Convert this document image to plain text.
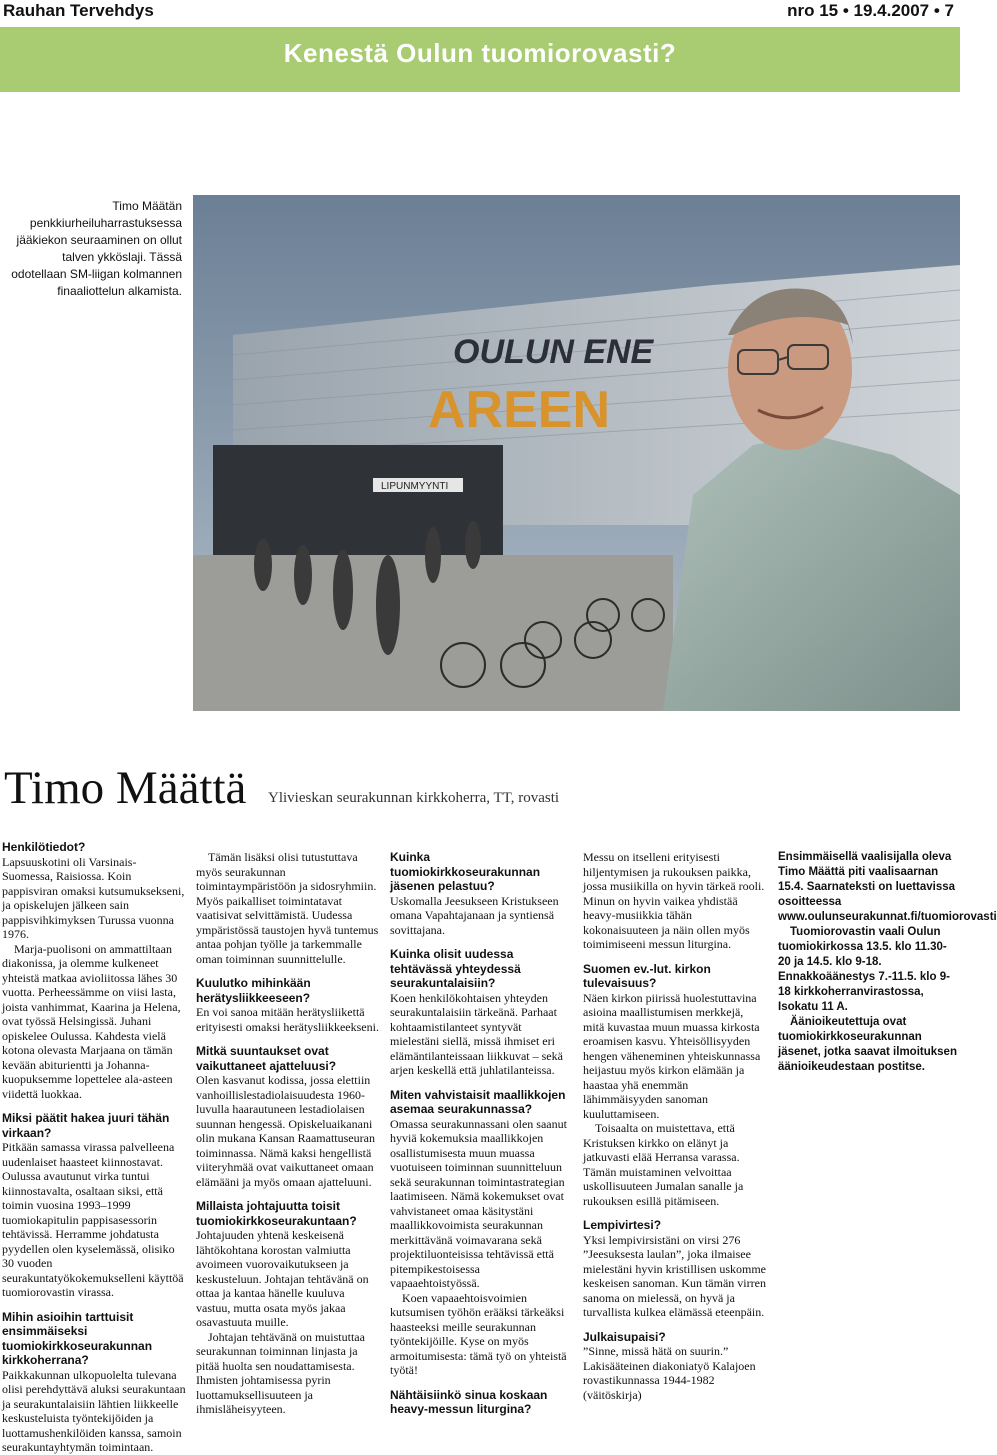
Rauhan Tervehdys	nro 15 • 19.4.2007 • 7
Kenestä Oulun tuomiorovasti?
Timo Määtän penkkiurheiluharrastuksessa jääkiekon seuraaminen on ollut talven ykköslaji. Tässä odotellaan SM-liigan kolmannen finaaliottelun alkamista.
OULUN ENE
AREEN
LIPUNMYYNTI
Timo Määttä Ylivieskan seurakunnan kirkkoherra, TT, rovasti

Henkilötiedot?

Lapsuuskotini oli Varsinais-Suomessa, Raisiossa. Koin pappisviran omaksi kutsumuksekseni, ja opiskelujen jälkeen sain pappisvihkimyksen Turussa vuonna 1976.

Marja-puolisoni on ammattiltaan diakonissa, ja olemme kulkeneet yhteistä matkaa avioliitossa lähes 30 vuotta. Perheessämme on viisi lasta, joista vanhimmat, Kaarina ja Helena, ovat työssä Helsingissä. Juhani opiskelee Oulussa. Kahdesta vielä kotona olevasta Marjaana on tämän kevään abiturientti ja Johanna-kuopuksemme lopettelee ala-asteen viidettä luokkaa.

Miksi päätit hakea juuri tähän virkaan?

Pitkään samassa virassa palvelleena uudenlaiset haasteet kiinnostavat. Oulussa avautunut virka tuntui kiinnostavalta, osaltaan siksi, että toimin vuosina 1993–1999 tuomiokapitulin pappisasessorin tehtävissä. Herramme johdatusta pyydellen olen kyselemässä, olisiko 30 vuoden seurakuntatyökokemukselleni käyttöä tuomiorovastin virassa.

Mihin asioihin tarttuisit ensimmäiseksi tuomiokirkkoseurakunnan kirkkoherrana?

Paikkakunnan ulkopuolelta tulevana olisi perehdyttävä aluksi seurakuntaan ja seurakuntalaisiin lähtien liikkeelle keskusteluista työntekijöiden ja luottamushenkilöiden kanssa, samoin seurakuntayhtymän toimintaan.

Tämän lisäksi olisi tutustuttava myös seurakunnan toimintaympäristöön ja sidosryhmiin. Myös paikalliset toimintatavat vaatisivat selvittämistä. Uudessa ympäristössä taustojen hyvä tuntemus antaa pohjan työlle ja tarkemmalle oman toiminnan suunnittelulle.

Kuulutko mihinkään herätysliikkeeseen?

En voi sanoa mitään herätysliikettä erityisesti omaksi herätysliikkeekseni.

Mitkä suuntaukset ovat vaikuttaneet ajatteluusi?

Olen kasvanut kodissa, jossa elettiin vanhoillislestadiolaisuudesta 1960-luvulla haarautuneen lestadiolaisen suunnan hengessä. Opiskeluaikanani olin mukana Kansan Raamattuseuran toiminnassa. Nämä kaksi hengellistä viiteryhmää ovat vaikuttaneet omaan elämääni ja myös omaan ajatteluuni.

Millaista johtajuutta toisit tuomiokirkkoseurakuntaan?

Johtajuuden yhtenä keskeisenä lähtökohtana korostan valmiutta avoimeen vuorovaikutukseen ja keskusteluun. Johtajan tehtävänä on ottaa ja kantaa hänelle kuuluva vastuu, mutta osata myös jakaa osavastuuta muille.

Johtajan tehtävänä on muistuttaa seurakunnan toiminnan linjasta ja pitää huolta sen noudattamisesta. Ihmisten johtamisessa pyrin luottamuksellisuuteen ja ihmisläheisyyteen.

Kuinka tuomiokirkkoseurakunnan jäsenen pelastuu?

Uskomalla Jeesukseen Kristukseen omana Vapahtajanaan ja syntiensä sovittajana.

Kuinka olisit uudessa tehtävässä yhteydessä seurakuntalaisiin?

Koen henkilökohtaisen yhteyden seurakuntalaisiin tärkeänä. Parhaat kohtaamistilanteet syntyvät mielestäni siellä, missä ihmiset eri elämäntilanteissaan liikkuvat – sekä arjen keskellä että juhlatilanteissa.

Miten vahvistaisit maallikkojen asemaa seurakunnassa?

Omassa seurakunnassani olen saanut hyviä kokemuksia maallikkojen osallistumisesta muun muassa vuotuiseen toiminnan suunnitteluun sekä seurakunnan toimintastrategian laatimiseen. Nämä kokemukset ovat vahvistaneet omaa käsitystäni maallikkovoimista seurakunnan merkittävänä voimavarana sekä projektiluonteisissa tehtävissä että pitempikestoisessa vapaaehtoistyössä.

Koen vapaaehtoisvoimien kutsumisen työhön erääksi tärkeäksi haasteeksi meille seurakunnan työntekijöille. Kyse on myös armoitumisesta: tämä työ on yhteistä työtä!

Nähtäisiinkö sinua koskaan heavy-messun liturgina?

Messu on itselleni erityisesti hiljentymisen ja rukouksen paikka, jossa musiikilla on hyvin tärkeä rooli. Minun on hyvin vaikea yhdistää heavy-musiikkia tähän kokonaisuuteen ja näin ollen myös toimimiseeni messun liturgina.

Suomen ev.-lut. kirkon tulevaisuus?

Näen kirkon piirissä huolestuttavina asioina maallistumisen merkkejä, mitä kuvastaa muun muassa kirkosta eroamisen kasvu. Yhteisöllisyyden hengen väheneminen yhteiskunnassa heijastuu myös kirkon elämään ja haastaa yhä enemmän lähimmäisyyden sanoman kuuluttamiseen.

Toisaalta on muistettava, että Kristuksen kirkko on elänyt ja jatkuvasti elää Herransa varassa. Tämän muistaminen velvoittaa uskollisuuteen Jumalan sanalle ja rukouksen esillä pitämiseen.

Lempivirtesi?

Yksi lempivirsistäni on virsi 276 ”Jeesuksesta laulan”, joka ilmaisee mielestäni hyvin kristillisen uskomme keskeisen sanoman. Kun tämän virren sanoma on mielessä, on hyvä ja turvallista kulkea elämässä eteenpäin.

Julkaisupaisi?

”Sinne, missä hätä on suurin.” Lakisääteinen diakoniatyö Kalajoen rovastikunnassa 1944-1982 (väitöskirja)

Ensimmäisellä vaalisijalla oleva Timo Määttä piti vaalisaarnan 15.4. Saarnateksti on luettavissa osoitteessa www.oulunseurakunnat.fi/tuomiorovasti

Tuomiorovastin vaali Oulun tuomiokirkossa 13.5. klo 11.30-20 ja 14.5. klo 9-18. Ennakkoäänestys 7.-11.5. klo 9-18 kirkkoherranvirastossa, Isokatu 11 A.

Äänioikeutettuja ovat tuomiokirkkoseurakunnan jäsenet, jotka saavat ilmoituksen äänioikeudestaan postitse.
